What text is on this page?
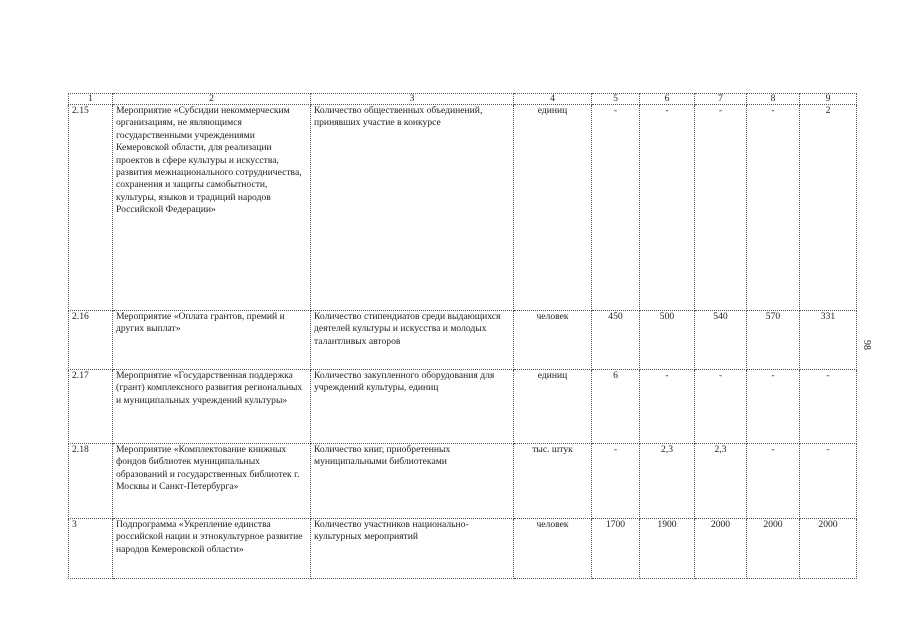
1	2	3	4	5	6	7	8	9
2.15	Мероприятие «Субсидии некоммерческим организациям, не являющимся государственными учреждениями Кемеровской области, для реализации проектов в сфере культуры и искусства, развития межнационального сотрудничества, сохранения и защиты самобытности, культуры, языков и традиций народов Российской Федерации»	Количество общественных объединений, принявших участие в конкурсе	единиц	-	-	-	-	2
2.16	Мероприятие «Оплата грантов, премий и других выплат»	Количество стипендиатов среди выдающихся деятелей культуры и искусства и молодых талантливых авторов	человек	450	500	540	570	331
2.17	Мероприятие «Государственная поддержка (грант) комплексного развития региональных и муниципальных учреждений культуры»	Количество закупленного оборудования для учреждений культуры, единиц	единиц	6	-	-	-	-
2.18	Мероприятие «Комплектование книжных фондов библиотек муниципальных образований и государственных библиотек г. Москвы и Санкт-Петербурга»	Количество книг, приобретенных муниципальными библиотеками	тыс. штук	-	2,3	2,3	-	-
3	Подпрограмма «Укрепление единства российской нации и этнокультурное развитие народов Кемеровской области»	Количество участников национально-культурных мероприятий	человек	1700	1900	2000	2000	2000
98
